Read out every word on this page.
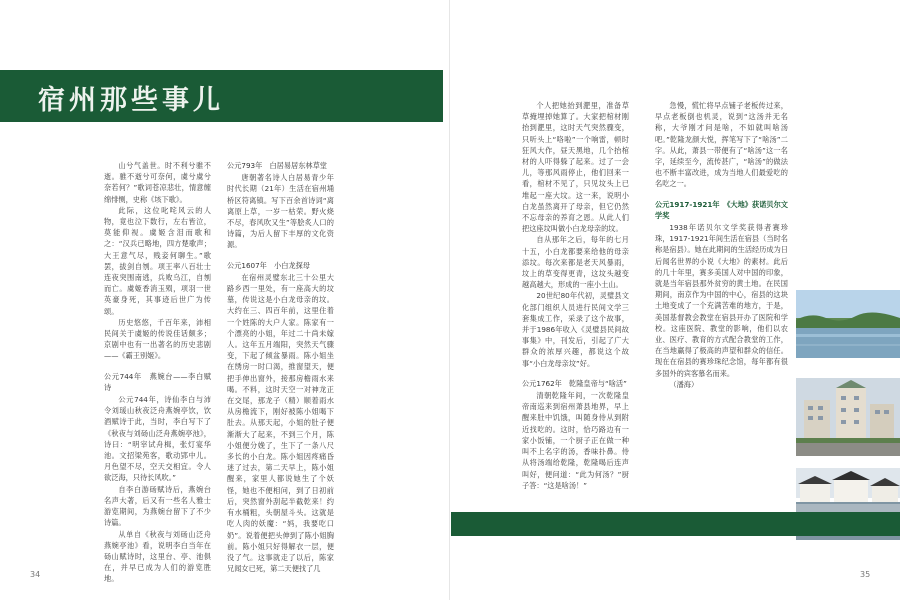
宿州那些事儿

山兮气盖世。时不利兮骓不逝。骓不逝兮可奈何，虞兮虞兮奈若何？”歌词苍凉悲壮，情意缠绵悱恻，史称《垓下歌》。

此际，这位叱咤风云的人物，竟也泣下数行，左右皆泣，莫能仰视。虞姬含泪而歌和之：“汉兵已略地，四方楚歌声；大王意气尽，贱妾何聊生。”歌罢，拔剑自刎。项王率八百壮士连夜突围南逃，兵败乌江，自刎而亡。虞姬香消玉殒，项羽一世英豪身死，其事迹后世广为传颂。

历史悠悠，千百年来，沛相民间关于虞姬的传说佳话颇多；京剧中也有一出著名的历史悲剧——《霸王别姬》。

公元744年　燕婉台——李白赋诗

公元744年，诗仙李白与沛令刘瑗山秋夜泛舟燕婉亭饮，饮酒赋诗于此，当时，李白写下了《秋夜与刘砀山泛舟燕婉亭池》，诗曰：“明宰试舟楫，张灯宴华池。文招梁苑客，歌动郢中儿。月色望不尽，空天交相宜。令人欲泛海，只待长风吹。”

自李白游砀赋诗后，燕婉台名声大著，后又有一些名人雅士游览期间，为燕婉台留下了不少诗篇。

从单自《秋夜与刘砀山泛舟燕婉亭池》看，说明李白当年在砀山赋诗时，这里台、亭、池俱在，并早已成为人们的游览胜地。

公元793年　白居易居东林草堂

唐朝著名诗人白居易青少年时代长期（21年）生活在宿州埇桥区符离镇。写下百余首诗词“离离原上草，一岁一枯荣。野火烧不尽，春风吹又生”等脍炙人口的诗篇，为后人留下丰厚的文化资源。

公元1607年　小白龙探母

在宿州灵璧东北三十公里大路乡西一里处，有一座高大的坟墓，传说这是小白龙母亲的坟。大约在三、四百年前，这里住着一个姓陈的大户人家。陈家有一个漂亮的小姐，年过二十尚未嫁人。这年五月端阳，突然天气骤变，下起了倾盆暴雨。陈小姐坐在绣房一时口渴，推窗望天，便把手伸出窗外，接那房檐雨水来喝。不料，这时天空一对神龙正在交尾，那龙子（精）顺着雨水从房檐流下，刚好被陈小姐喝下肚去。从那天起，小姐的肚子便渐渐大了起来，不到三个月，陈小姐便分娩了，生下了一条八尺多长的小白龙。陈小姐因疼痛昏迷了过去，第二天早上，陈小姐醒来，家里人都说她生了个妖怪，她也不便相问，到了日初前后，突然窗外刮起半截乾来！约有水桶粗，头朝屋斗头。这就是吃人肉的妖魔：“妈，我要吃口奶”。说着便把头伸到了陈小姐胸前。陈小姐只好得解衣一层，便没了气。这事就走了以后，陈家兄闻女已死，第二天便找了几

个人把她抬到淝里，准备草草掩埋掉她算了。大家把棺材刚抬到淝里，这时天气突然骤变，只听头上“咯啦”一个响雷，顿时狂风大作，昼天黑地，几个抬棺材的人吓得躲了起来。过了一会儿，等那风雨停止，他们回来一看，棺材不见了，只见坟头上已堆起一座大坟。这一来，说明小白龙虽然离开了母亲，但它仍然不忘母亲的养育之恩。从此人们把这座坟叫做小白龙母亲的坟。

自从那年之后，每年的七月十五，小白龙都要来给他的母亲添坟。每次来都是老天风暴雨，坟上的草变得更青，这坟头越变越高越大，形成的一座小土山。

20世纪80年代初，灵璧县文化部门组织人员进行民间文学三套集成工作，采录了这个故事，并于1986年收入《灵璧县民间故事集》中，刊发后，引起了广大群众的浓厚兴趣，都说这个故事“小白龙母亲坟”好。

公元1762年　乾隆皇帝与“啥活”

清朝乾隆年间，一次乾隆皇帝南巡来到宿州萧县地界，早上醒来肚中饥饿，叫随身侍从到附近找吃的。这时，恰巧路边有一家小饭铺，一个厨子正在做一种叫不上名字的汤，香味扑鼻。侍从将汤端给乾隆，乾隆喝后连声叫好，便问道：“此为何汤？”厨子答：“这是啥汤！”

急慢，慌忙将早点铺子老板传过来，早点老板倒也机灵，说到“这汤并无名称，大爷刚才问是啥，不如就叫啥汤吧。”乾隆龙颜大悦，挥笔写下了“啥汤”二字。从此，萧县一带便有了“啥汤”这一名字，延续至今，流传甚广，“啥汤”的做法也不断丰富改进，成为当地人们最爱吃的名吃之一。

公元1917-1921年　《大地》获诺贝尔文学奖

1938年诺贝尔文学奖获得者赛珍珠，1917-1921年间生活在宿县（当时名称是宿县）。她在此期间的生活经历成为日后闻名世界的小说《大地》的素材。此后的几十年里，赛多美国人对中国的印象，就是当年宿县那外贫穷的黄土地。在民国期间，南京作为中国的中心，宿县的这块土地变成了一个充满苦难的地方，于是，美国基督教会教堂在宿县开办了医院和学校。这座医院、教堂的影响，他们以农业、医疗、教育的方式配合教堂的工作，在当地赢得了极高的声望和群众的信任。现在在宿县的赛珍珠纪念馆，每年都有很多国外的宾客慕名而来。

（潘海）

34	35
